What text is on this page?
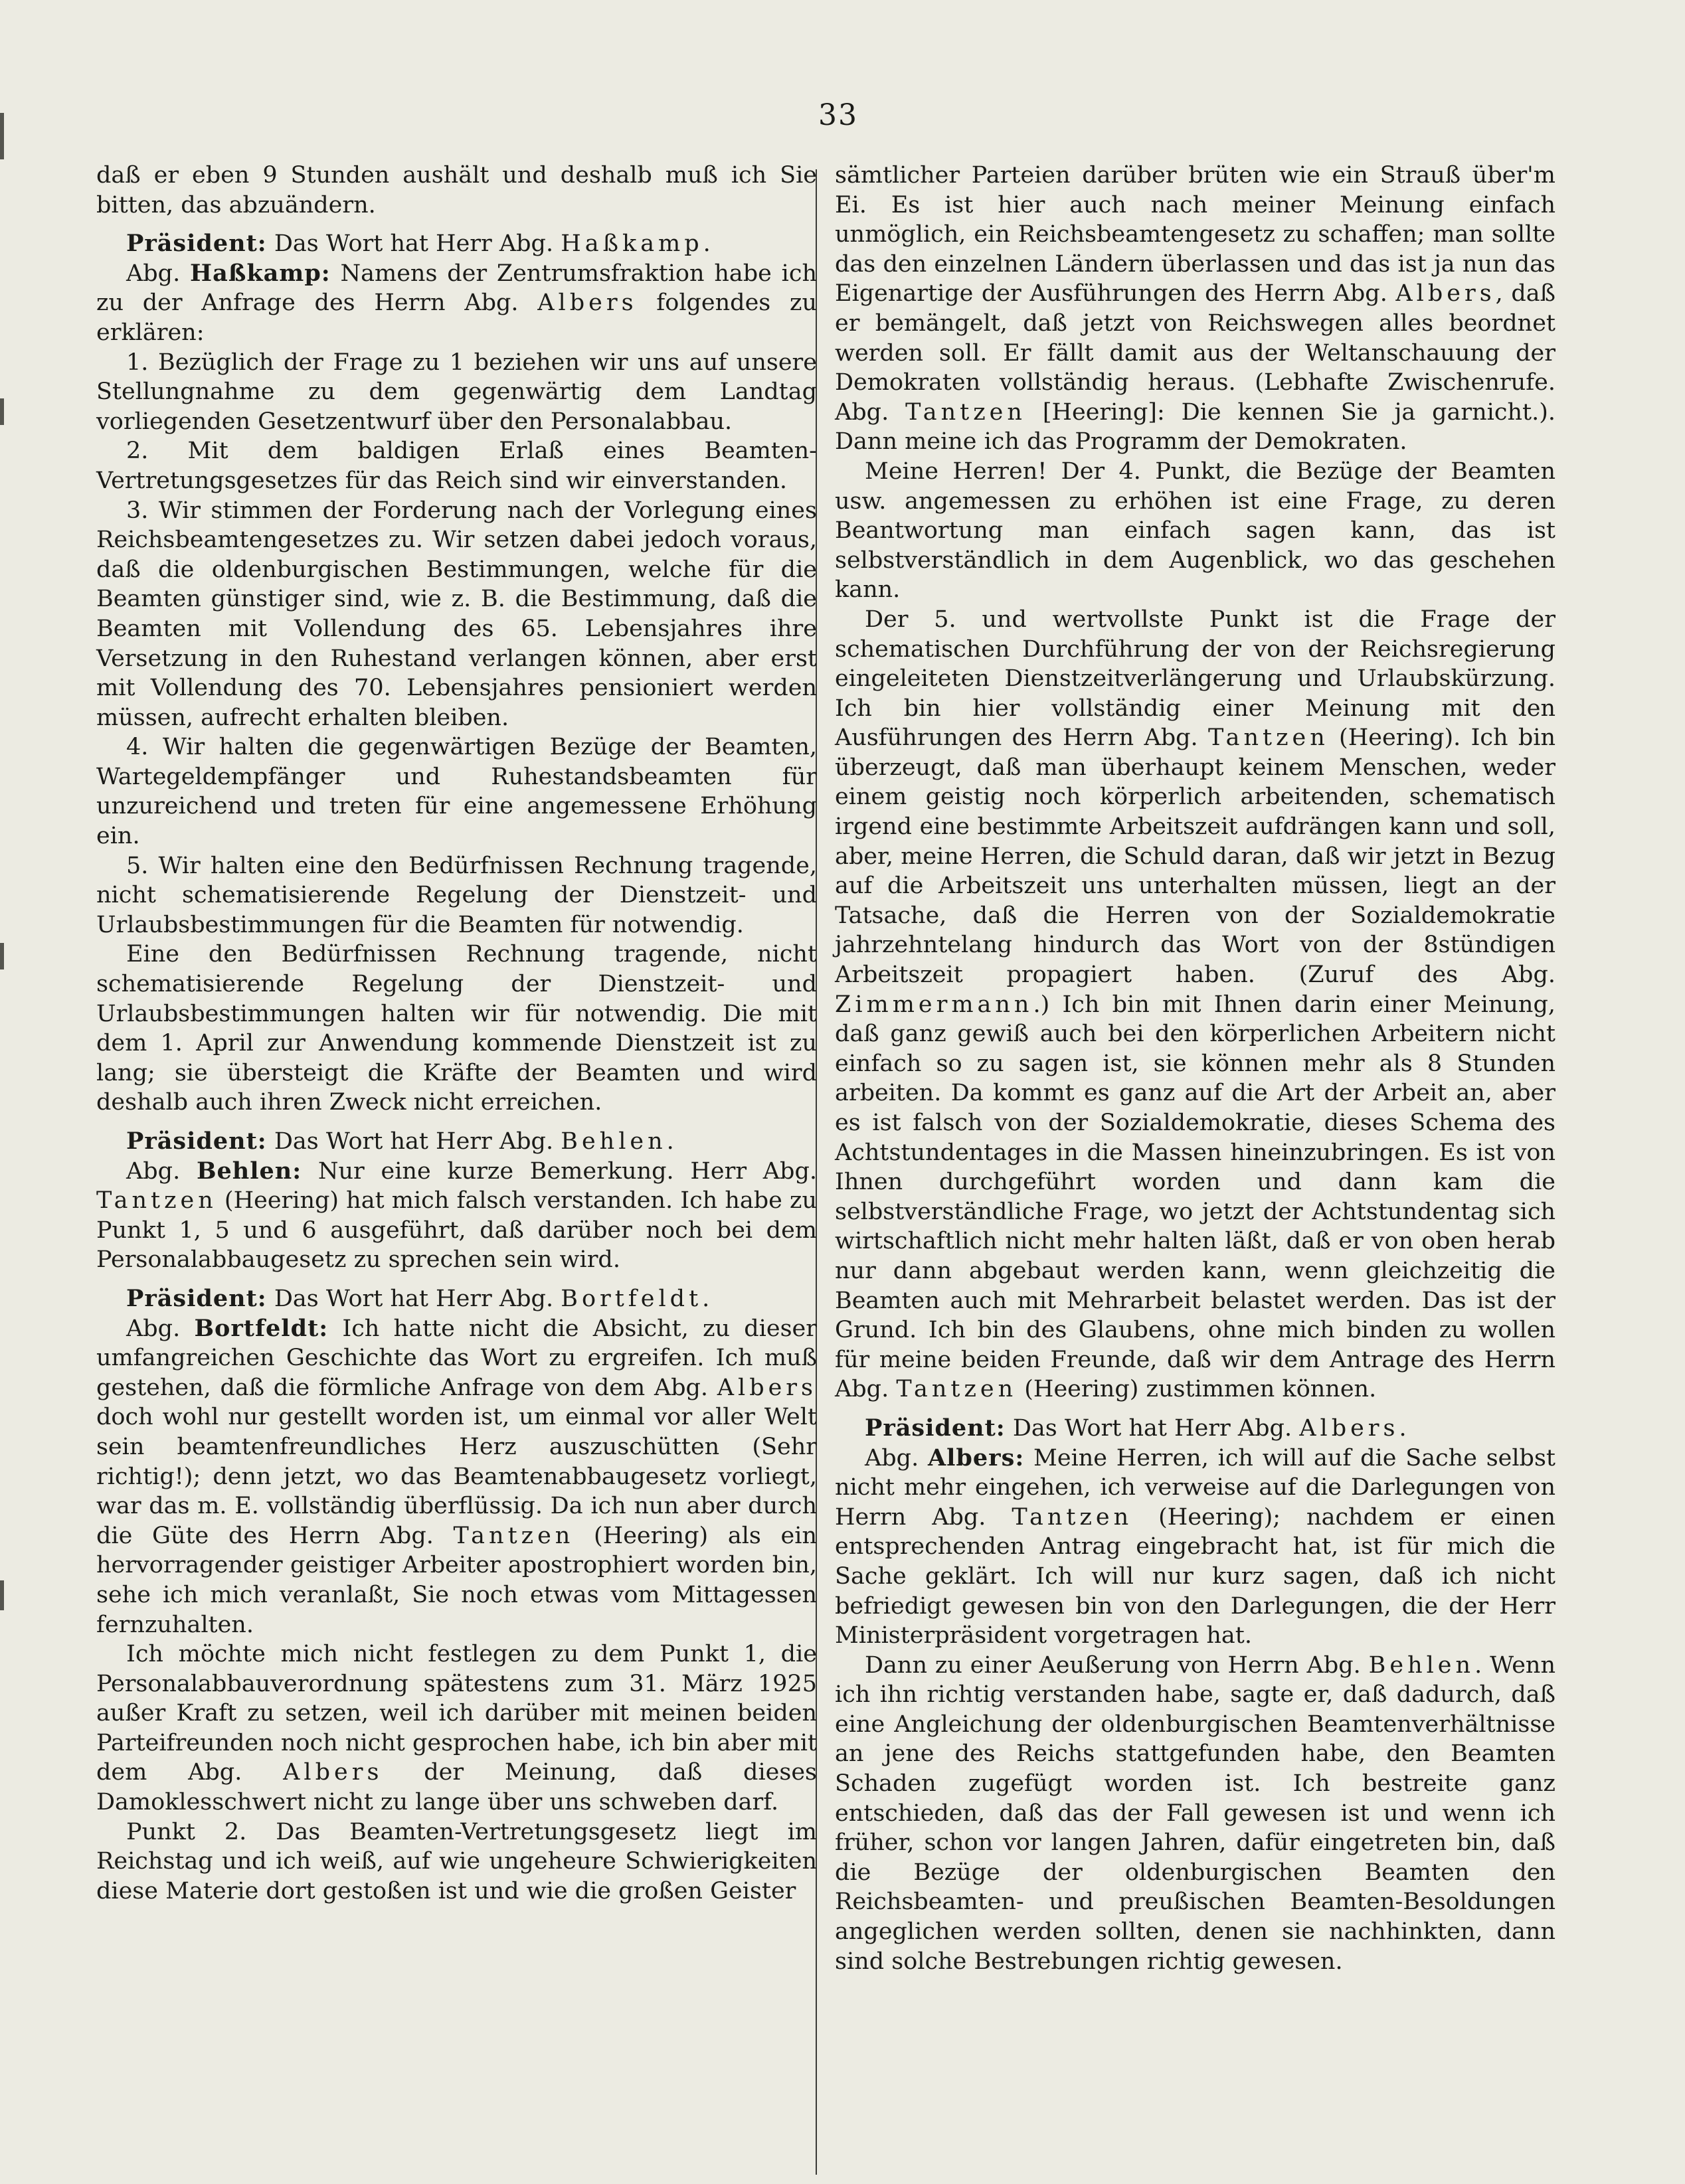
33

daß er eben 9 Stunden aushält und deshalb muß ich Sie bitten, das abzuändern.

Präsident: Das Wort hat Herr Abg. Haßkamp.

Abg. Haßkamp: Namens der Zentrumsfraktion habe ich zu der Anfrage des Herrn Abg. Albers folgendes zu erklären:

1. Bezüglich der Frage zu 1 beziehen wir uns auf unsere Stellungnahme zu dem gegenwärtig dem Landtag vorliegenden Gesetzentwurf über den Personalabbau.

2. Mit dem baldigen Erlaß eines Beamten-Vertretungsgesetzes für das Reich sind wir einverstanden.

3. Wir stimmen der Forderung nach der Vorlegung eines Reichsbeamtengesetzes zu. Wir setzen dabei jedoch voraus, daß die oldenburgischen Bestimmungen, welche für die Beamten günstiger sind, wie z. B. die Bestimmung, daß die Beamten mit Vollendung des 65. Lebensjahres ihre Versetzung in den Ruhestand verlangen können, aber erst mit Vollendung des 70. Lebensjahres pensioniert werden müssen, aufrecht erhalten bleiben.

4. Wir halten die gegenwärtigen Bezüge der Beamten, Wartegeldempfänger und Ruhestandsbeamten für unzureichend und treten für eine angemessene Erhöhung ein.

5. Wir halten eine den Bedürfnissen Rechnung tragende, nicht schematisierende Regelung der Dienstzeit- und Urlaubsbestimmungen für die Beamten für notwendig.

Eine den Bedürfnissen Rechnung tragende, nicht schematisierende Regelung der Dienstzeit- und Urlaubsbestimmungen halten wir für notwendig. Die mit dem 1. April zur Anwendung kommende Dienstzeit ist zu lang; sie übersteigt die Kräfte der Beamten und wird deshalb auch ihren Zweck nicht erreichen.

Präsident: Das Wort hat Herr Abg. Behlen.

Abg. Behlen: Nur eine kurze Bemerkung. Herr Abg. Tantzen (Heering) hat mich falsch verstanden. Ich habe zu Punkt 1, 5 und 6 ausgeführt, daß darüber noch bei dem Personalabbaugesetz zu sprechen sein wird.

Präsident: Das Wort hat Herr Abg. Bortfeldt.

Abg. Bortfeldt: Ich hatte nicht die Absicht, zu dieser umfangreichen Geschichte das Wort zu ergreifen. Ich muß gestehen, daß die förmliche Anfrage von dem Abg. Albers doch wohl nur gestellt worden ist, um einmal vor aller Welt sein beamtenfreundliches Herz auszuschütten (Sehr richtig!); denn jetzt, wo das Beamtenabbaugesetz vorliegt, war das m. E. vollständig überflüssig. Da ich nun aber durch die Güte des Herrn Abg. Tantzen (Heering) als ein hervorragender geistiger Arbeiter apostrophiert worden bin, sehe ich mich veranlaßt, Sie noch etwas vom Mittagessen fernzuhalten.

Ich möchte mich nicht festlegen zu dem Punkt 1, die Personalabbauverordnung spätestens zum 31. März 1925 außer Kraft zu setzen, weil ich darüber mit meinen beiden Parteifreunden noch nicht gesprochen habe, ich bin aber mit dem Abg. Albers der Meinung, daß dieses Damoklesschwert nicht zu lange über uns schweben darf.

Punkt 2. Das Beamten-Vertretungsgesetz liegt im Reichstag und ich weiß, auf wie ungeheure Schwierigkeiten diese Materie dort gestoßen ist und wie die großen Geister

sämtlicher Parteien darüber brüten wie ein Strauß über'm Ei. Es ist hier auch nach meiner Meinung einfach unmöglich, ein Reichsbeamtengesetz zu schaffen; man sollte das den einzelnen Ländern überlassen und das ist ja nun das Eigenartige der Ausführungen des Herrn Abg. Albers, daß er bemängelt, daß jetzt von Reichswegen alles beordnet werden soll. Er fällt damit aus der Weltanschauung der Demokraten vollständig heraus. (Lebhafte Zwischenrufe. Abg. Tantzen [Heering]: Die kennen Sie ja garnicht.). Dann meine ich das Programm der Demokraten.

Meine Herren! Der 4. Punkt, die Bezüge der Beamten usw. angemessen zu erhöhen ist eine Frage, zu deren Beantwortung man einfach sagen kann, das ist selbstverständlich in dem Augenblick, wo das geschehen kann.

Der 5. und wertvollste Punkt ist die Frage der schematischen Durchführung der von der Reichsregierung eingeleiteten Dienstzeitverlängerung und Urlaubskürzung. Ich bin hier vollständig einer Meinung mit den Ausführungen des Herrn Abg. Tantzen (Heering). Ich bin überzeugt, daß man überhaupt keinem Menschen, weder einem geistig noch körperlich arbeitenden, schematisch irgend eine bestimmte Arbeitszeit aufdrängen kann und soll, aber, meine Herren, die Schuld daran, daß wir jetzt in Bezug auf die Arbeitszeit uns unterhalten müssen, liegt an der Tatsache, daß die Herren von der Sozialdemokratie jahrzehntelang hindurch das Wort von der 8stündigen Arbeitszeit propagiert haben. (Zuruf des Abg. Zimmermann.) Ich bin mit Ihnen darin einer Meinung, daß ganz gewiß auch bei den körperlichen Arbeitern nicht einfach so zu sagen ist, sie können mehr als 8 Stunden arbeiten. Da kommt es ganz auf die Art der Arbeit an, aber es ist falsch von der Sozialdemokratie, dieses Schema des Achtstundentages in die Massen hineinzubringen. Es ist von Ihnen durchgeführt worden und dann kam die selbstverständliche Frage, wo jetzt der Achtstundentag sich wirtschaftlich nicht mehr halten läßt, daß er von oben herab nur dann abgebaut werden kann, wenn gleichzeitig die Beamten auch mit Mehrarbeit belastet werden. Das ist der Grund. Ich bin des Glaubens, ohne mich binden zu wollen für meine beiden Freunde, daß wir dem Antrage des Herrn Abg. Tantzen (Heering) zustimmen können.

Präsident: Das Wort hat Herr Abg. Albers.

Abg. Albers: Meine Herren, ich will auf die Sache selbst nicht mehr eingehen, ich verweise auf die Darlegungen von Herrn Abg. Tantzen (Heering); nachdem er einen entsprechenden Antrag eingebracht hat, ist für mich die Sache geklärt. Ich will nur kurz sagen, daß ich nicht befriedigt gewesen bin von den Darlegungen, die der Herr Ministerpräsident vorgetragen hat.

Dann zu einer Aeußerung von Herrn Abg. Behlen. Wenn ich ihn richtig verstanden habe, sagte er, daß dadurch, daß eine Angleichung der oldenburgischen Beamtenverhältnisse an jene des Reichs stattgefunden habe, den Beamten Schaden zugefügt worden ist. Ich bestreite ganz entschieden, daß das der Fall gewesen ist und wenn ich früher, schon vor langen Jahren, dafür eingetreten bin, daß die Bezüge der oldenburgischen Beamten den Reichsbeamten- und preußischen Beamten-Besoldungen angeglichen werden sollten, denen sie nachhinkten, dann sind solche Bestrebungen richtig gewesen.
